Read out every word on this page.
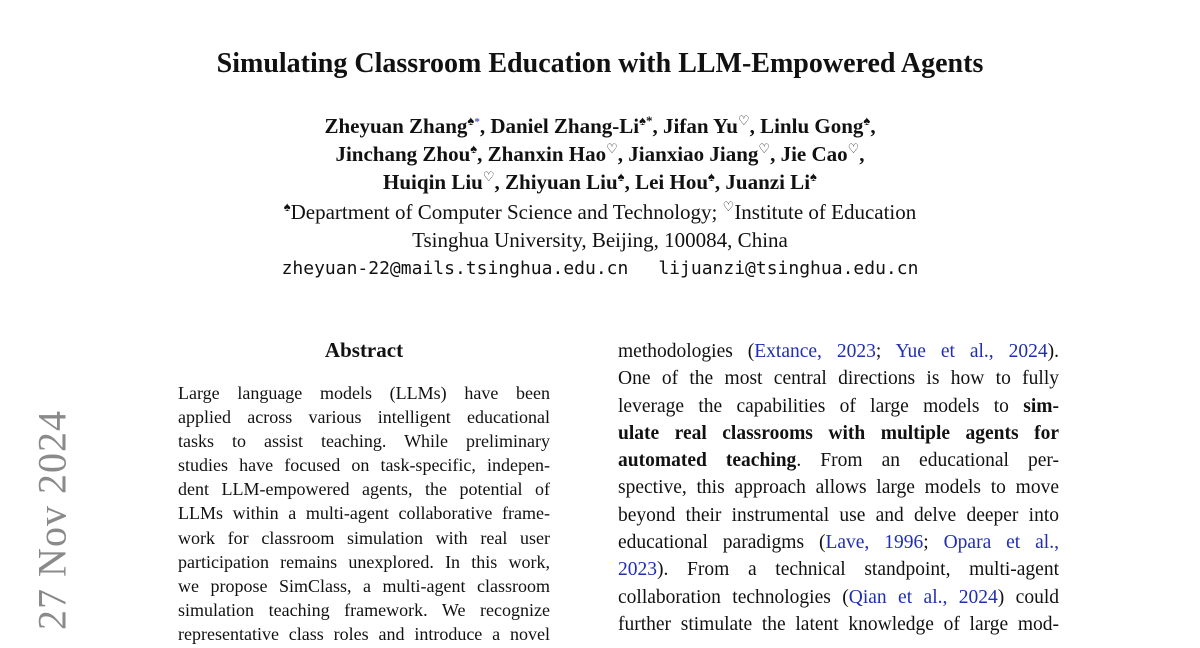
Simulating Classroom Education with LLM-Empowered Agents
Zheyuan Zhang♠*, Daniel Zhang-Li♠*, Jifan Yu♡, Linlu Gong♠,
Jinchang Zhou♠, Zhanxin Hao♡, Jianxiao Jiang♡, Jie Cao♡,
Huiqin Liu♡, Zhiyuan Liu♠, Lei Hou♠, Juanzi Li♠
♠Department of Computer Science and Technology; ♡Institute of Education
Tsinghua University, Beijing, 100084, China
zheyuan-22@mails.tsinghua.edu.cn lijuanzi@tsinghua.edu.cn
27 Nov 2024
Abstract
Large language models (LLMs) have been
applied across various intelligent educational
tasks to assist teaching. While preliminary
studies have focused on task-specific, indepen-
dent LLM-empowered agents, the potential of
LLMs within a multi-agent collaborative frame-
work for classroom simulation with real user
participation remains unexplored. In this work,
we propose SimClass, a multi-agent classroom
simulation teaching framework. We recognize
representative class roles and introduce a novel
methodologies (Extance, 2023; Yue et al., 2024).
One of the most central directions is how to fully
leverage the capabilities of large models to sim-
ulate real classrooms with multiple agents for
automated teaching. From an educational per-
spective, this approach allows large models to move
beyond their instrumental use and delve deeper into
educational paradigms (Lave, 1996; Opara et al.,
2023). From a technical standpoint, multi-agent
collaboration technologies (Qian et al., 2024) could
further stimulate the latent knowledge of large mod-
